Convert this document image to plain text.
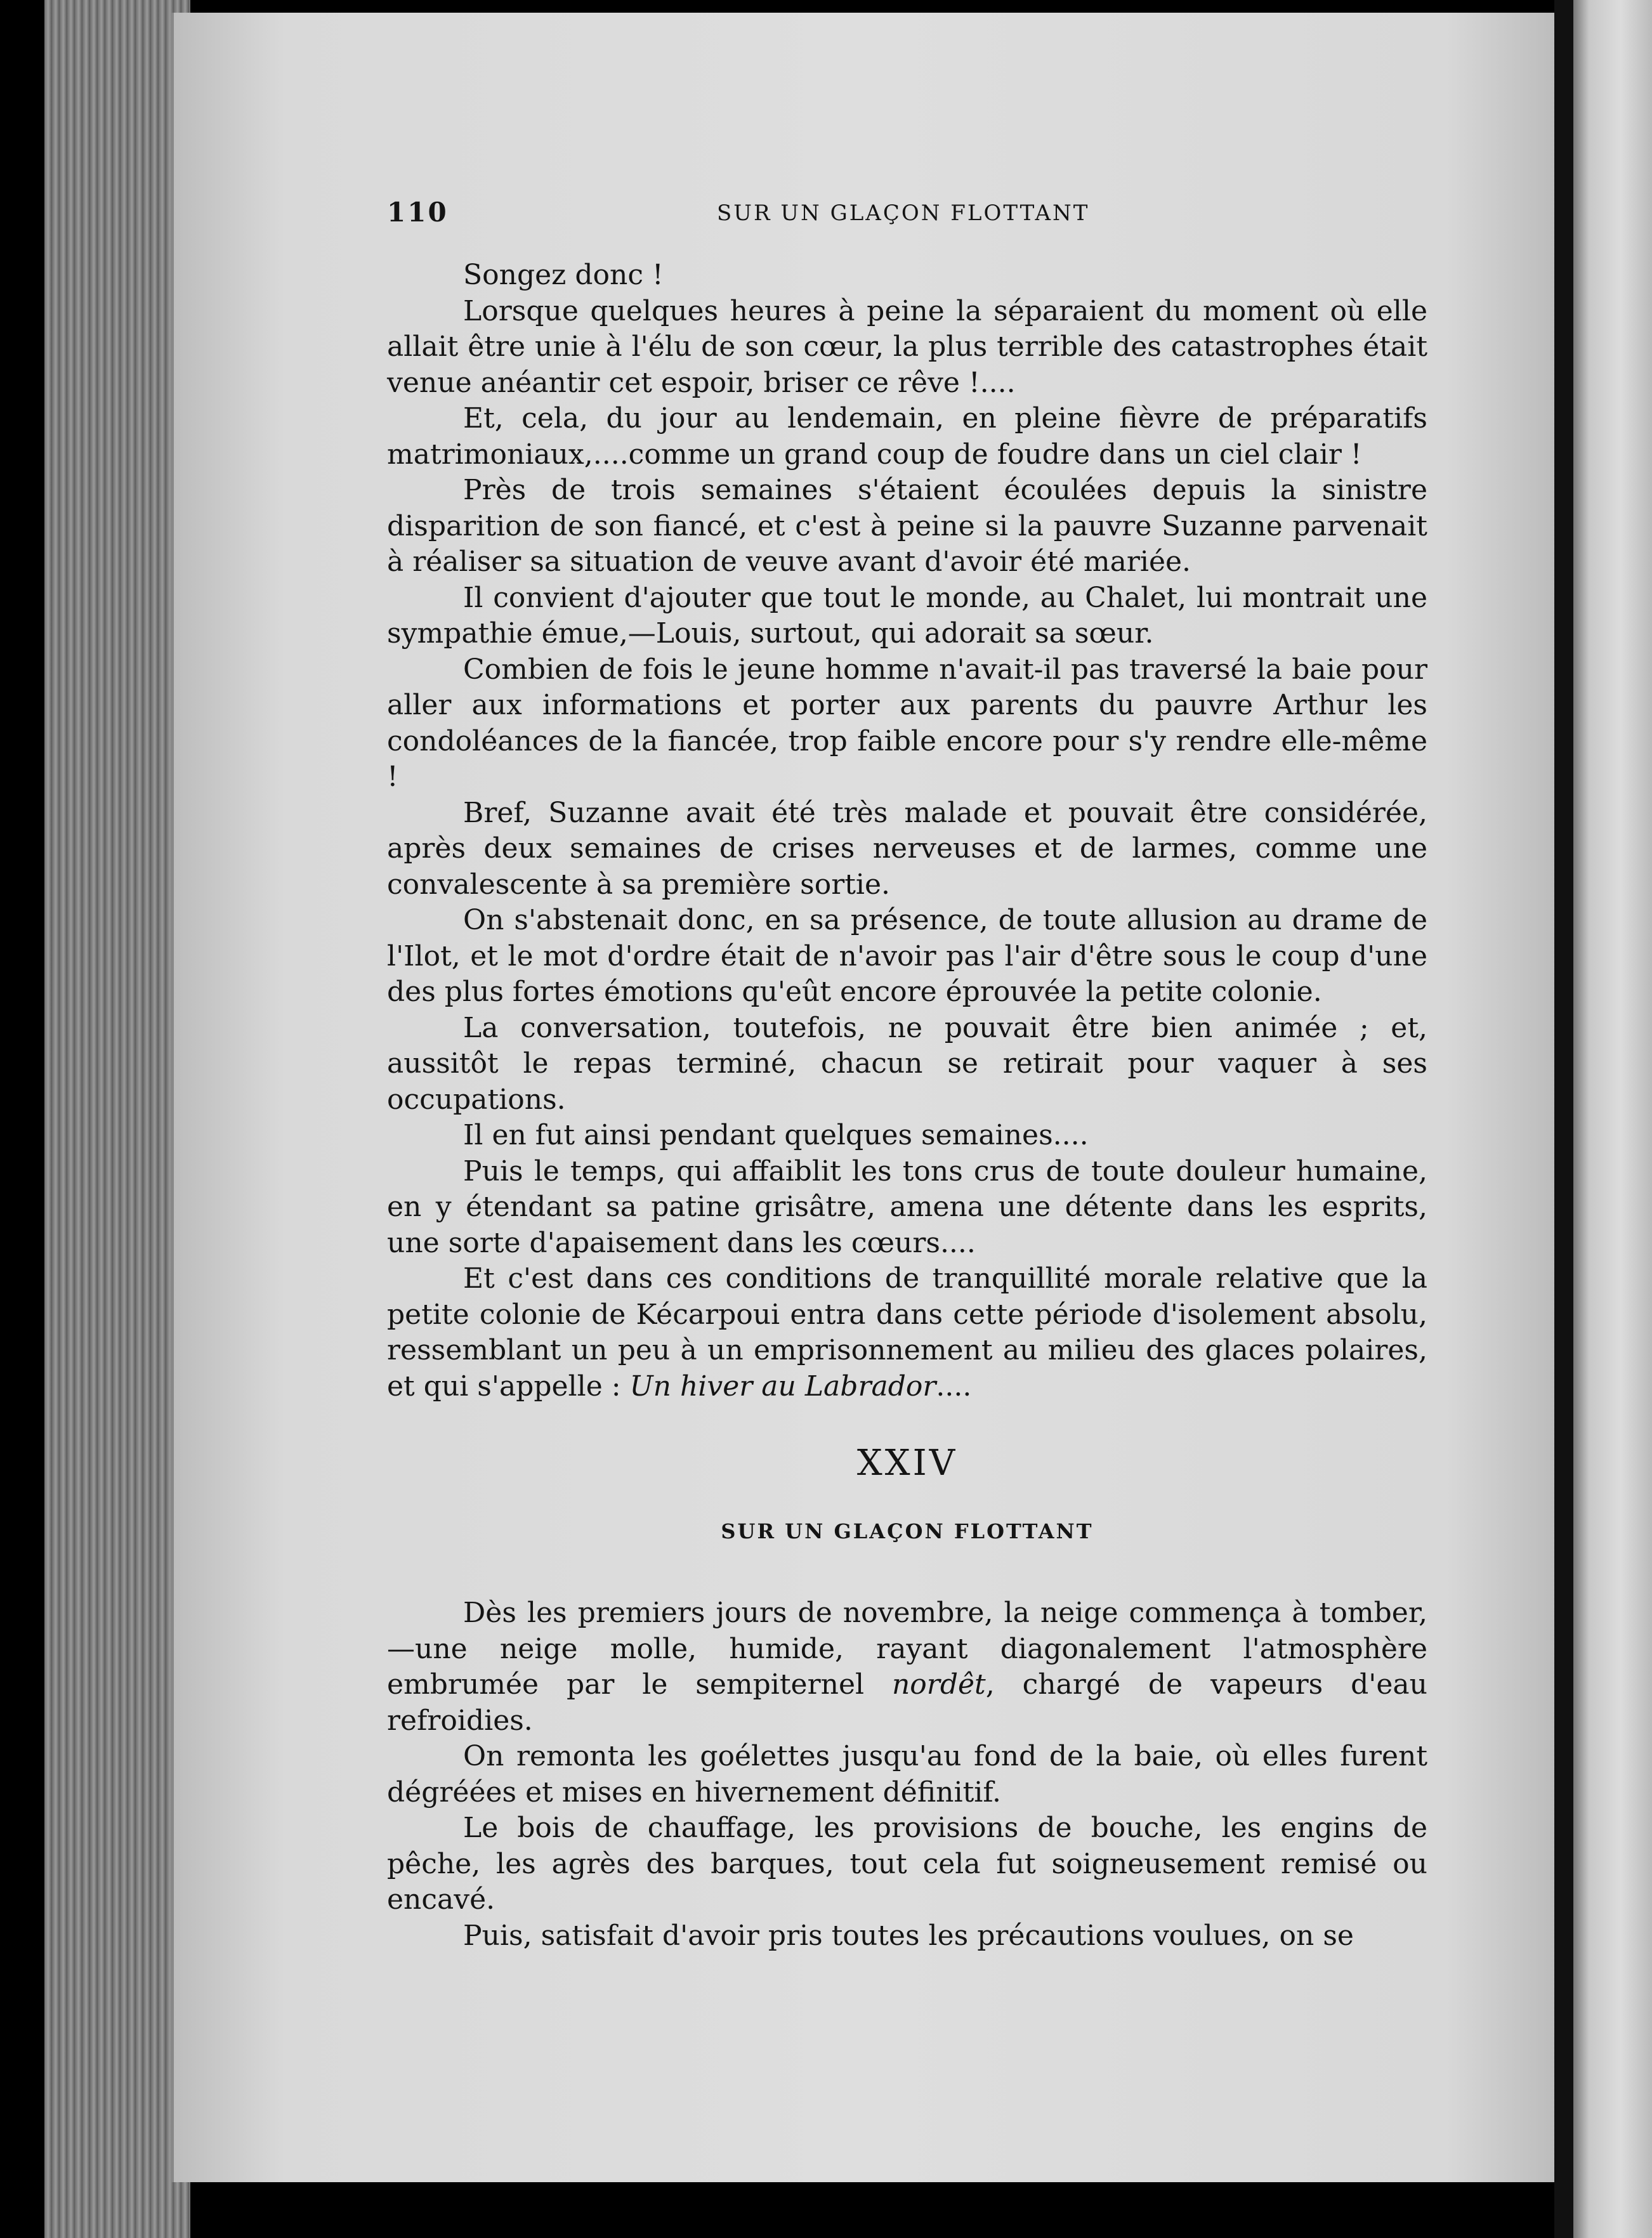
110	SUR UN GLAÇON FLOTTANT

Songez donc !

Lorsque quelques heures à peine la séparaient du moment où elle allait être unie à l'élu de son cœur, la plus terrible des catastrophes était venue anéantir cet espoir, briser ce rêve !....

Et, cela, du jour au lendemain, en pleine fièvre de préparatifs matrimoniaux,....comme un grand coup de foudre dans un ciel clair !

Près de trois semaines s'étaient écoulées depuis la sinistre disparition de son fiancé, et c'est à peine si la pauvre Suzanne parvenait à réaliser sa situation de veuve avant d'avoir été mariée.

Il convient d'ajouter que tout le monde, au Chalet, lui montrait une sympathie émue,—Louis, surtout, qui adorait sa sœur.

Combien de fois le jeune homme n'avait-il pas traversé la baie pour aller aux informations et porter aux parents du pauvre Arthur les condoléances de la fiancée, trop faible encore pour s'y rendre elle-même !

Bref, Suzanne avait été très malade et pouvait être considérée, après deux semaines de crises nerveuses et de larmes, comme une convalescente à sa première sortie.

On s'abstenait donc, en sa présence, de toute allusion au drame de l'Ilot, et le mot d'ordre était de n'avoir pas l'air d'être sous le coup d'une des plus fortes émotions qu'eût encore éprouvée la petite colonie.

La conversation, toutefois, ne pouvait être bien animée ; et, aussitôt le repas terminé, chacun se retirait pour vaquer à ses occupations.

Il en fut ainsi pendant quelques semaines....

Puis le temps, qui affaiblit les tons crus de toute douleur humaine, en y étendant sa patine grisâtre, amena une détente dans les esprits, une sorte d'apaisement dans les cœurs....

Et c'est dans ces conditions de tranquillité morale relative que la petite colonie de Kécarpoui entra dans cette période d'isolement absolu, ressemblant un peu à un emprisonnement au milieu des glaces polaires, et qui s'appelle : Un hiver au Labrador....

XXIV
SUR UN GLAÇON FLOTTANT

Dès les premiers jours de novembre, la neige commença à tomber,—une neige molle, humide, rayant diagonalement l'atmosphère embrumée par le sempiternel nordêt, chargé de vapeurs d'eau refroidies.

On remonta les goélettes jusqu'au fond de la baie, où elles furent dégréées et mises en hivernement définitif.

Le bois de chauffage, les provisions de bouche, les engins de pêche, les agrès des barques, tout cela fut soigneusement remisé ou encavé.

Puis, satisfait d'avoir pris toutes les précautions voulues, on se
